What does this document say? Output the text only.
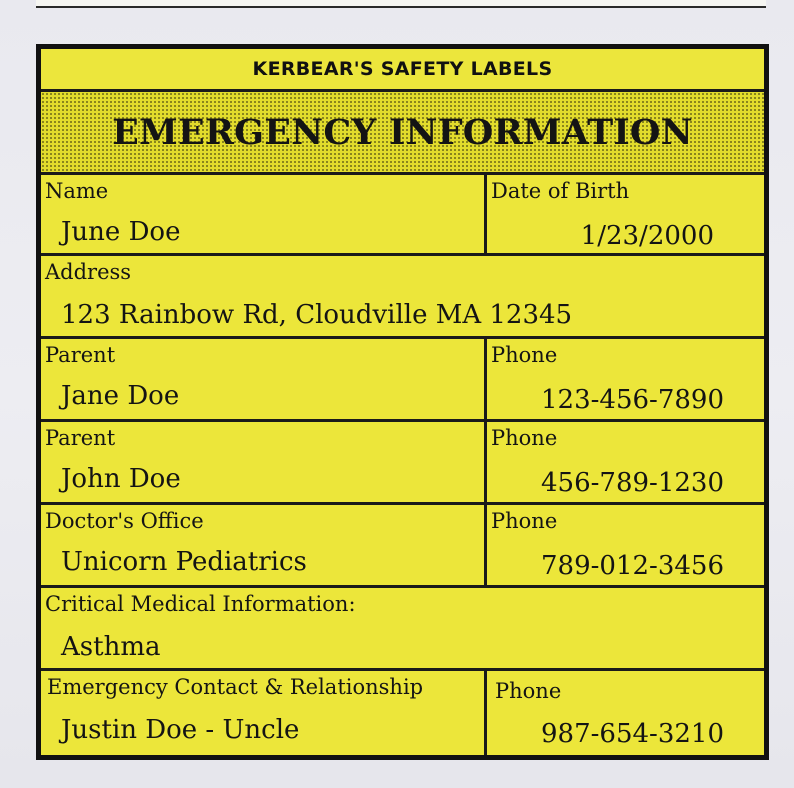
KERBEAR'S SAFETY LABELS
EMERGENCY INFORMATION
Name
June Doe
Date of Birth
1/23/2000
Address
123 Rainbow Rd, Cloudville MA 12345
Parent
Jane Doe
Phone
123-456-7890
Parent
John Doe
Phone
456-789-1230
Doctor's Office
Unicorn Pediatrics
Phone
789-012-3456
Critical Medical Information:
Asthma
Emergency Contact & Relationship
Justin Doe - Uncle
Phone
987-654-3210
